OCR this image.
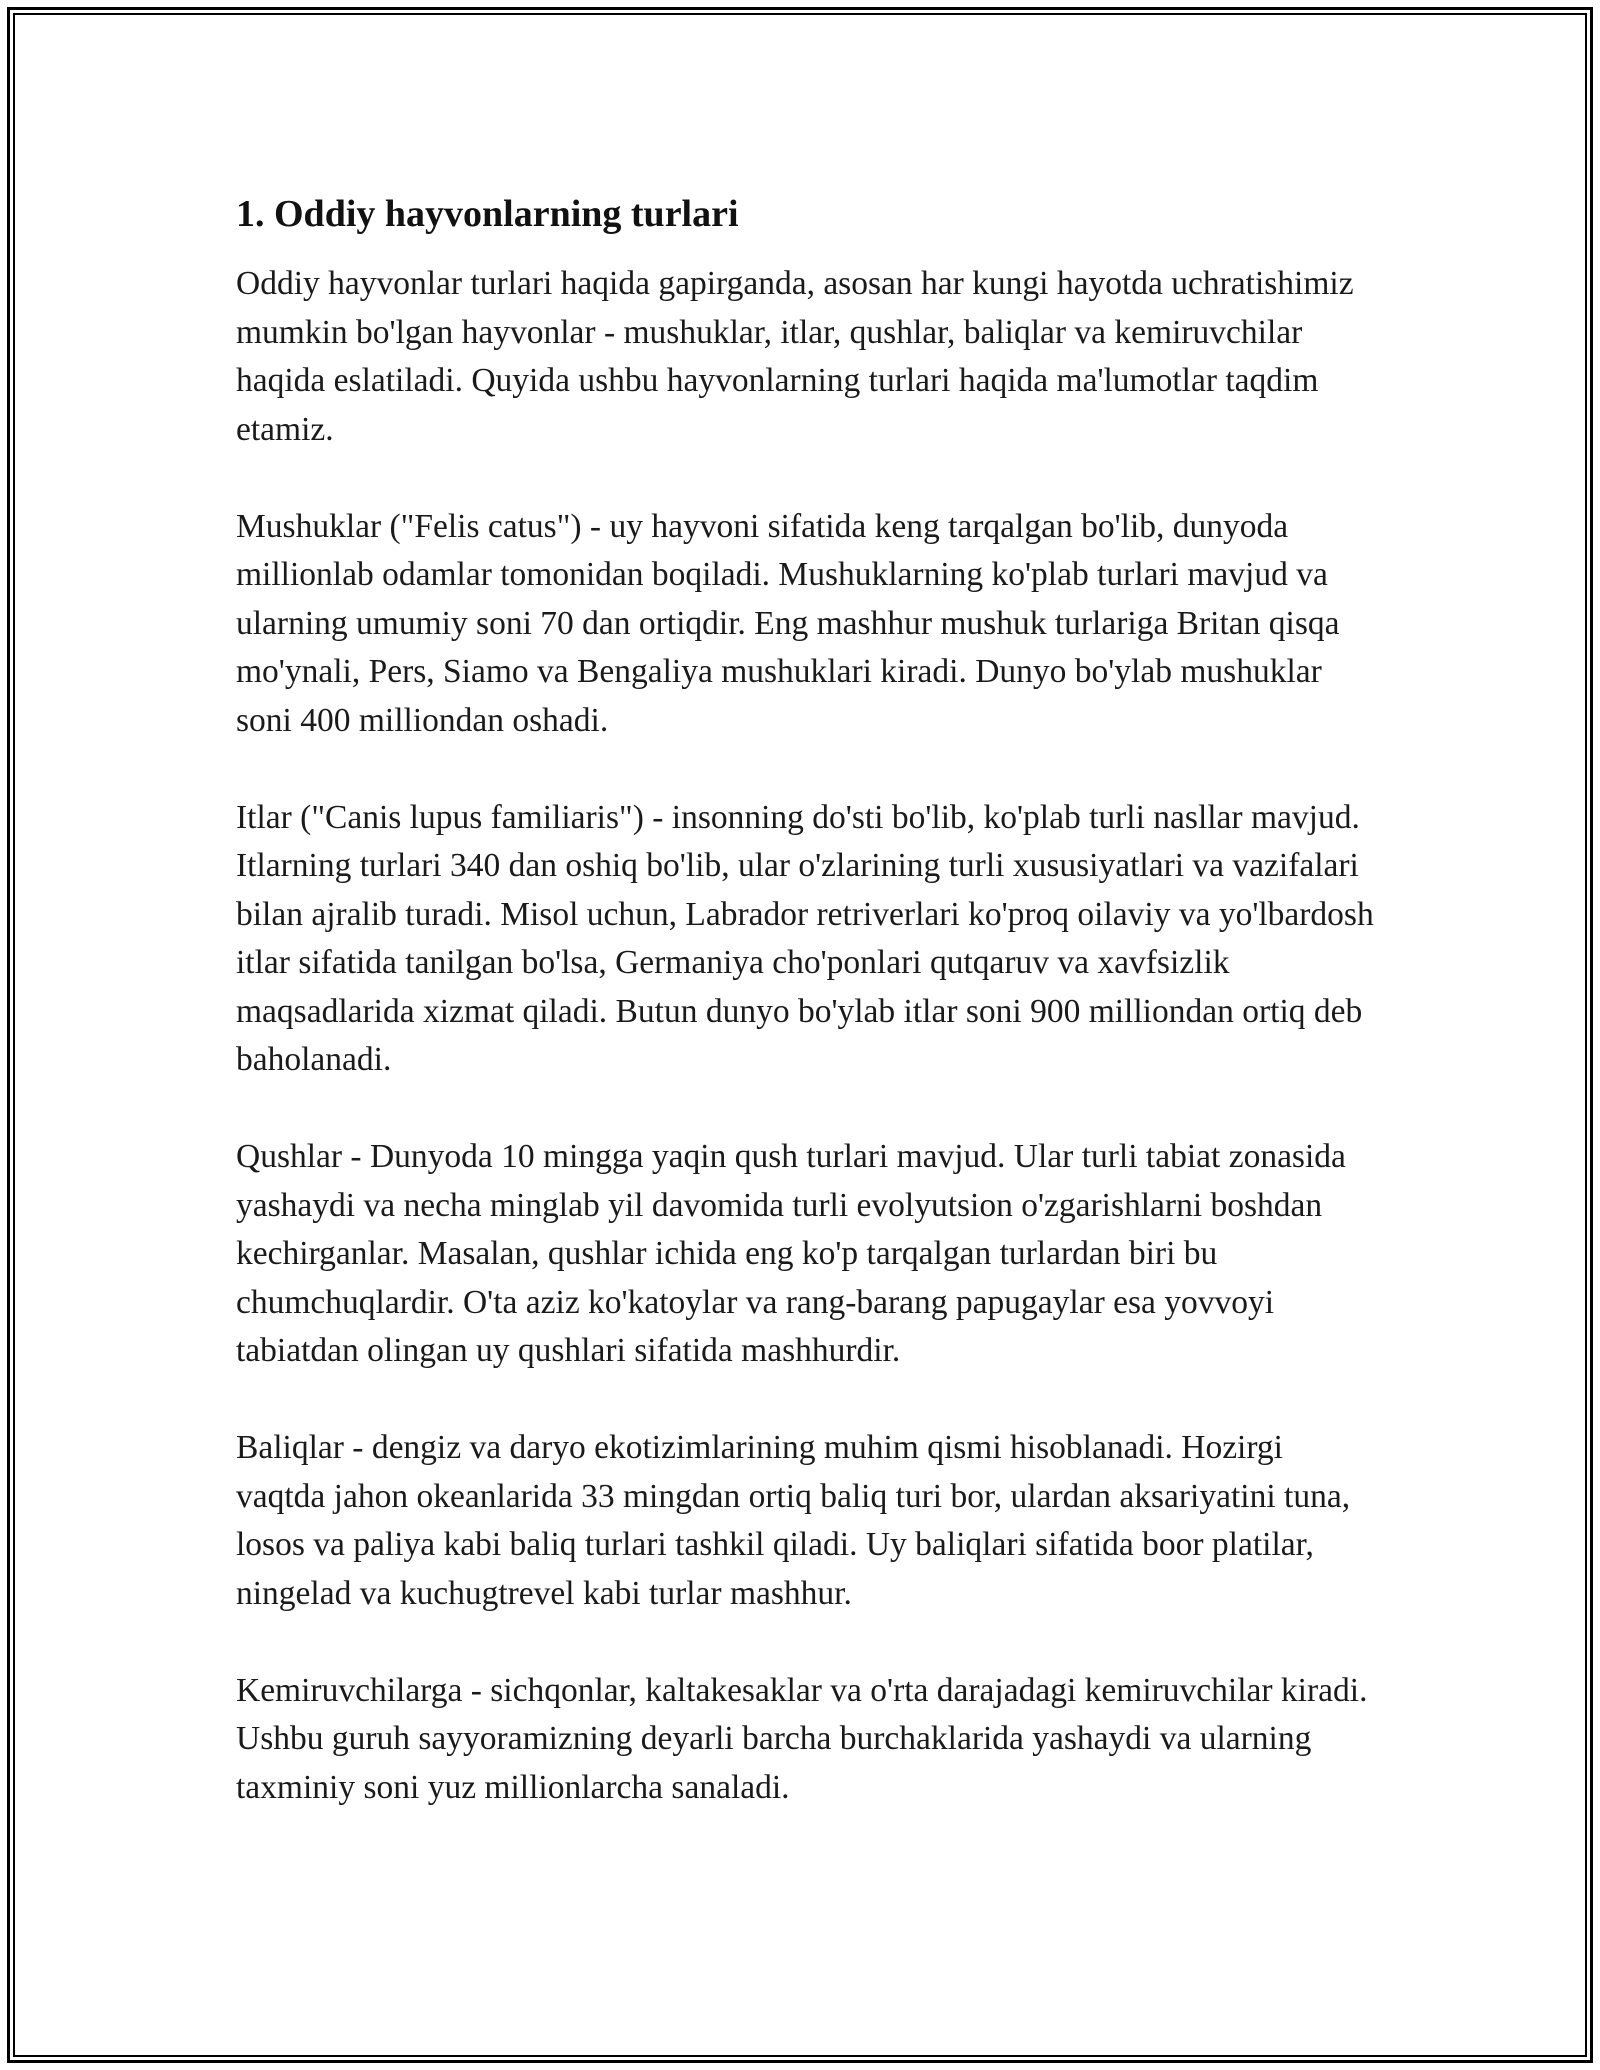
1. Oddiy hayvonlarning turlari

Oddiy hayvonlar turlari haqida gapirganda, asosan har kungi hayotda uchratishimiz mumkin bo'lgan hayvonlar - mushuklar, itlar, qushlar, baliqlar va kemiruvchilar haqida eslatiladi. Quyida ushbu hayvonlarning turlari haqida ma'lumotlar taqdim etamiz.

Mushuklar ("Felis catus") - uy hayvoni sifatida keng tarqalgan bo'lib, dunyoda millionlab odamlar tomonidan boqiladi. Mushuklarning ko'plab turlari mavjud va ularning umumiy soni 70 dan ortiqdir. Eng mashhur mushuk turlariga Britan qisqa mo'ynali, Pers, Siamo va Bengaliya mushuklari kiradi. Dunyo bo'ylab mushuklar soni 400 milliondan oshadi.

Itlar ("Canis lupus familiaris") - insonning do'sti bo'lib, ko'plab turli nasllar mavjud. Itlarning turlari 340 dan oshiq bo'lib, ular o'zlarining turli xususiyatlari va vazifalari bilan ajralib turadi. Misol uchun, Labrador retriverlari ko'proq oilaviy va yo'lbardosh itlar sifatida tanilgan bo'lsa, Germaniya cho'ponlari qutqaruv va xavfsizlik maqsadlarida xizmat qiladi. Butun dunyo bo'ylab itlar soni 900 milliondan ortiq deb baholanadi.

Qushlar - Dunyoda 10 mingga yaqin qush turlari mavjud. Ular turli tabiat zonasida yashaydi va necha minglab yil davomida turli evolyutsion o'zgarishlarni boshdan kechirganlar. Masalan, qushlar ichida eng ko'p tarqalgan turlardan biri bu chumchuqlardir. O'ta aziz ko'katoylar va rang-barang papugaylar esa yovvoyi tabiatdan olingan uy qushlari sifatida mashhurdir.

Baliqlar - dengiz va daryo ekotizimlarining muhim qismi hisoblanadi. Hozirgi vaqtda jahon okeanlarida 33 mingdan ortiq baliq turi bor, ulardan aksariyatini tuna, losos va paliya kabi baliq turlari tashkil qiladi. Uy baliqlari sifatida boor platilar, ningelad va kuchugtrevel kabi turlar mashhur.

Kemiruvchilarga - sichqonlar, kaltakesaklar va o'rta darajadagi kemiruvchilar kiradi. Ushbu guruh sayyoramizning deyarli barcha burchaklarida yashaydi va ularning taxminiy soni yuz millionlarcha sanaladi.
